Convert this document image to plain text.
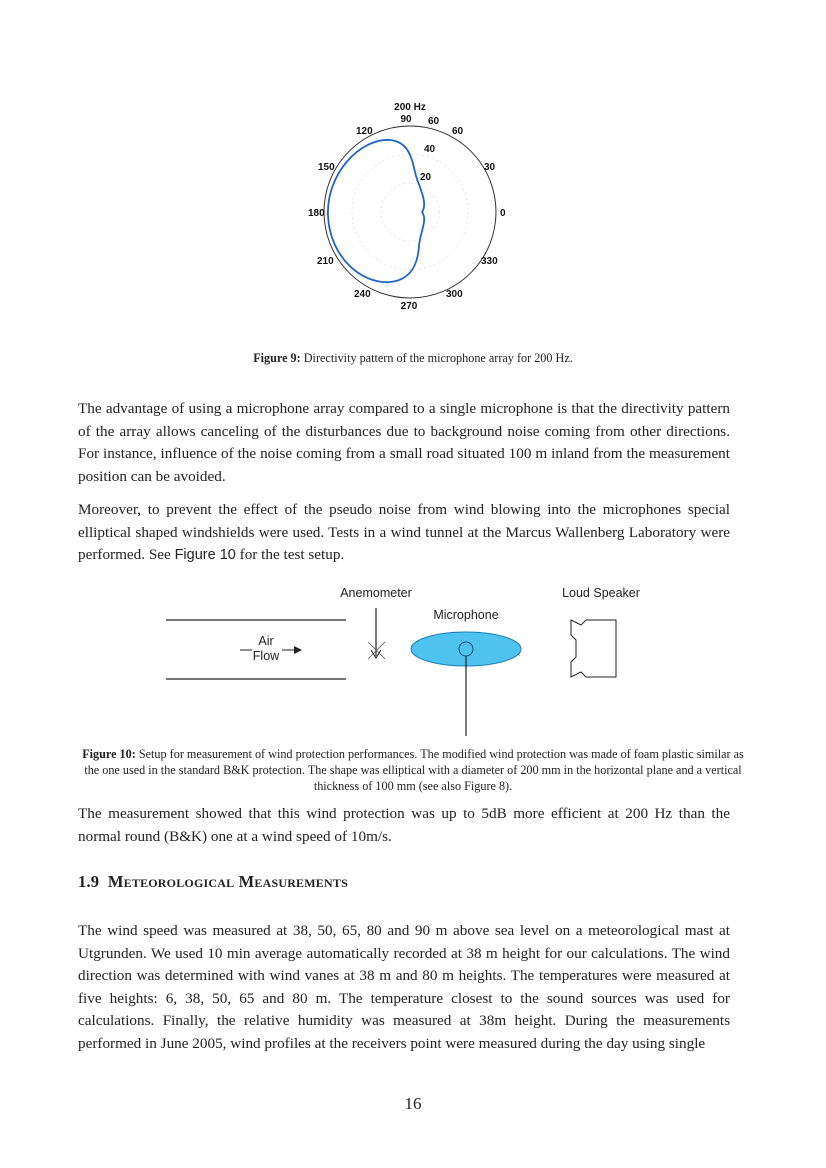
200 Hz
90 60
120	60
40
150	30
20
180	0
210	330
240	300
270

Figure 9: Directivity pattern of the microphone array for 200 Hz.

The advantage of using a microphone array compared to a single microphone is that the directivity pattern of the array allows canceling of the disturbances due to background noise coming from other directions. For instance, influence of the noise coming from a small road situated 100 m inland from the measurement position can be avoided.

Moreover, to prevent the effect of the pseudo noise from wind blowing into the microphones special elliptical shaped windshields were used. Tests in a wind tunnel at the Marcus Wallenberg Laboratory were performed. See Figure 10 for the test setup.

Air
Flow
Anemometer
Microphone
Loud Speaker

Figure 10: Setup for measurement of wind protection performances. The modified wind protection was made of foam plastic similar as the one used in the standard B&K protection. The shape was elliptical with a diameter of 200 mm in the horizontal plane and a vertical thickness of 100 mm (see also Figure 8).

The measurement showed that this wind protection was up to 5dB more efficient at 200 Hz than the normal round (B&K) one at a wind speed of 10m/s.

1.9 Meteorological Measurements

The wind speed was measured at 38, 50, 65, 80 and 90 m above sea level on a meteorological mast at Utgrunden. We used 10 min average automatically recorded at 38 m height for our calculations. The wind direction was determined with wind vanes at 38 m and 80 m heights. The temperatures were measured at five heights: 6, 38, 50, 65 and 80 m. The temperature closest to the sound sources was used for calculations. Finally, the relative humidity was measured at 38m height. During the measurements performed in June 2005, wind profiles at the receivers point were measured during the day using single

16
